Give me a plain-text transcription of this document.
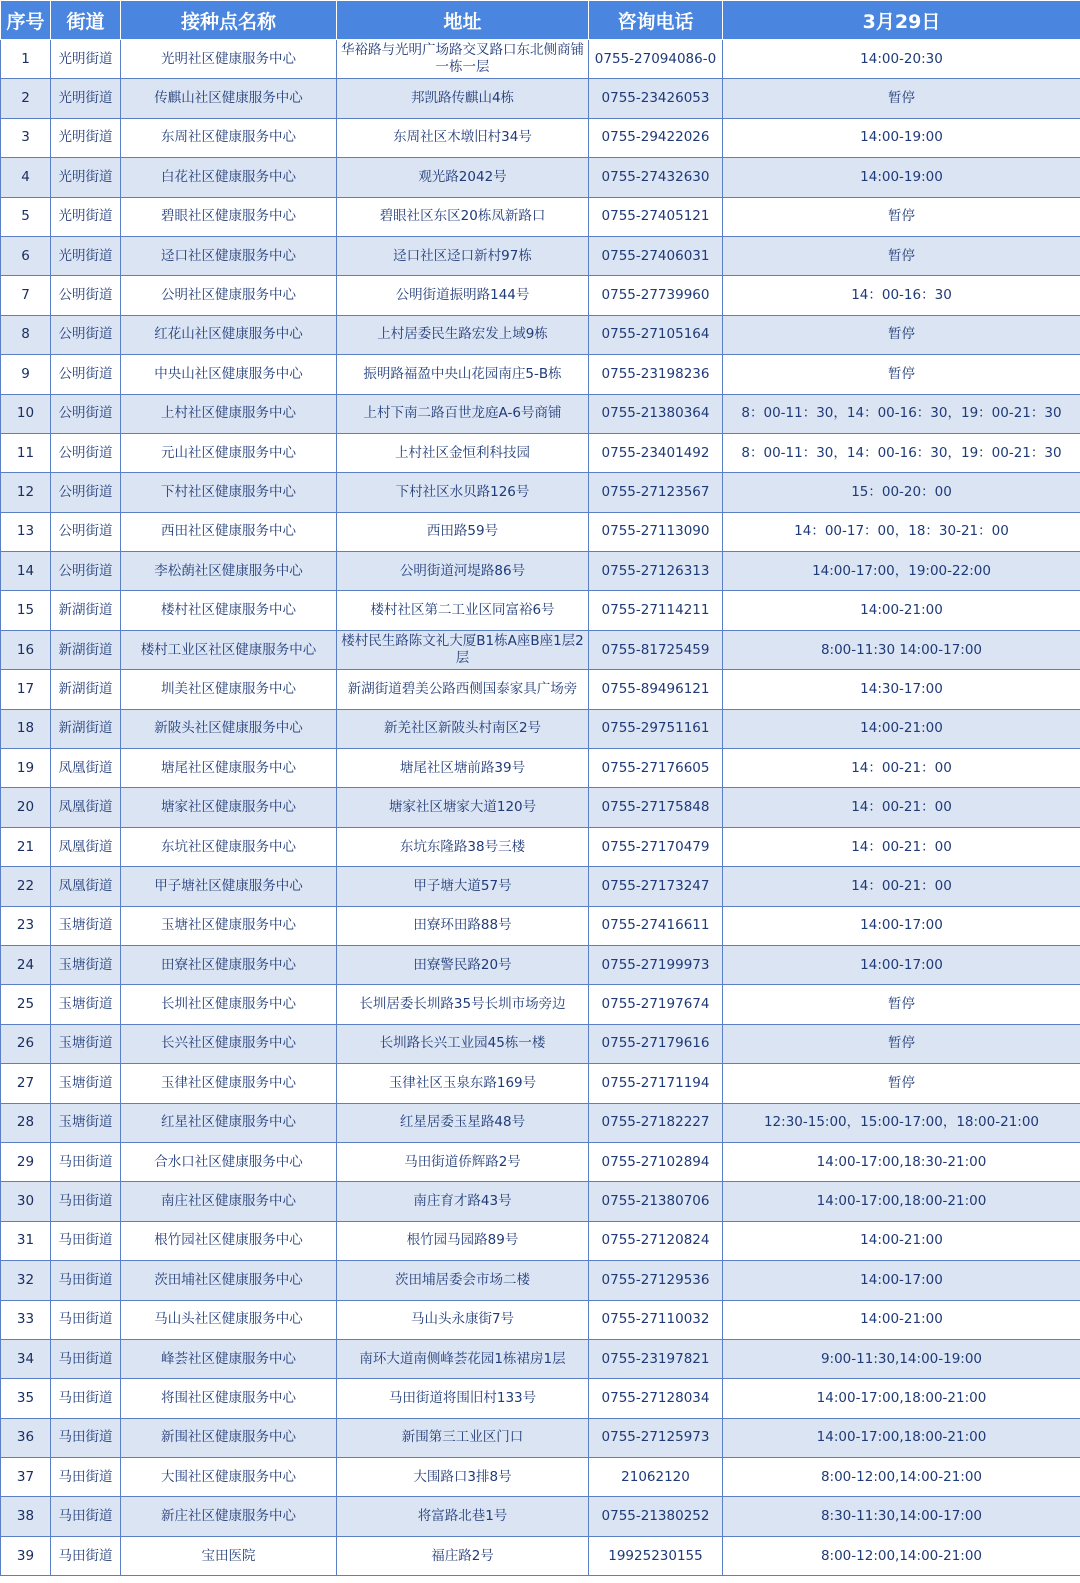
序号	街道	接种点名称	地址	咨询电话	3月29日
1	光明街道	光明社区健康服务中心	华裕路与光明广场路交叉路口东北侧商铺一栋一层	0755-27094086-0	14:00-20:30
2	光明街道	传麒山社区健康服务中心	邦凯路传麒山4栋	0755-23426053	暂停
3	光明街道	东周社区健康服务中心	东周社区木墩旧村34号	0755-29422026	14:00-19:00
4	光明街道	白花社区健康服务中心	观光路2042号	0755-27432630	14:00-19:00
5	光明街道	碧眼社区健康服务中心	碧眼社区东区20栋凤新路口	0755-27405121	暂停
6	光明街道	迳口社区健康服务中心	迳口社区迳口新村97栋	0755-27406031	暂停
7	公明街道	公明社区健康服务中心	公明街道振明路144号	0755-27739960	14：00-16：30
8	公明街道	红花山社区健康服务中心	上村居委民生路宏发上域9栋	0755-27105164	暂停
9	公明街道	中央山社区健康服务中心	振明路福盈中央山花园南庄5-B栋	0755-23198236	暂停
10	公明街道	上村社区健康服务中心	上村下南二路百世龙庭A-6号商铺	0755-21380364	8：00-11：30，14：00-16：30，19：00-21：30
11	公明街道	元山社区健康服务中心	上村社区金恒利科技园	0755-23401492	8：00-11：30，14：00-16：30，19：00-21：30
12	公明街道	下村社区健康服务中心	下村社区水贝路126号	0755-27123567	15：00-20：00
13	公明街道	西田社区健康服务中心	西田路59号	0755-27113090	14：00-17：00，18：30-21：00
14	公明街道	李松蓢社区健康服务中心	公明街道河堤路86号	0755-27126313	14:00-17:00，19:00-22:00
15	新湖街道	楼村社区健康服务中心	楼村社区第二工业区同富裕6号	0755-27114211	14:00-21:00
16	新湖街道	楼村工业区社区健康服务中心	楼村民生路陈文礼大厦B1栋A座B座1层2层	0755-81725459	8:00-11:30 14:00-17:00
17	新湖街道	圳美社区健康服务中心	新湖街道碧美公路西侧国泰家具广场旁	0755-89496121	14:30-17:00
18	新湖街道	新陂头社区健康服务中心	新羌社区新陂头村南区2号	0755-29751161	14:00-21:00
19	凤凰街道	塘尾社区健康服务中心	塘尾社区塘前路39号	0755-27176605	14：00-21：00
20	凤凰街道	塘家社区健康服务中心	塘家社区塘家大道120号	0755-27175848	14：00-21：00
21	凤凰街道	东坑社区健康服务中心	东坑东隆路38号三楼	0755-27170479	14：00-21：00
22	凤凰街道	甲子塘社区健康服务中心	甲子塘大道57号	0755-27173247	14：00-21：00
23	玉塘街道	玉塘社区健康服务中心	田寮环田路88号	0755-27416611	14:00-17:00
24	玉塘街道	田寮社区健康服务中心	田寮警民路20号	0755-27199973	14:00-17:00
25	玉塘街道	长圳社区健康服务中心	长圳居委长圳路35号长圳市场旁边	0755-27197674	暂停
26	玉塘街道	长兴社区健康服务中心	长圳路长兴工业园45栋一楼	0755-27179616	暂停
27	玉塘街道	玉律社区健康服务中心	玉律社区玉泉东路169号	0755-27171194	暂停
28	玉塘街道	红星社区健康服务中心	红星居委玉星路48号	0755-27182227	12:30-15:00，15:00-17:00，18:00-21:00
29	马田街道	合水口社区健康服务中心	马田街道侨辉路2号	0755-27102894	14:00-17:00,18:30-21:00
30	马田街道	南庄社区健康服务中心	南庄育才路43号	0755-21380706	14:00-17:00,18:00-21:00
31	马田街道	根竹园社区健康服务中心	根竹园马园路89号	0755-27120824	14:00-21:00
32	马田街道	茨田埔社区健康服务中心	茨田埔居委会市场二楼	0755-27129536	14:00-17:00
33	马田街道	马山头社区健康服务中心	马山头永康街7号	0755-27110032	14:00-21:00
34	马田街道	峰荟社区健康服务中心	南环大道南侧峰荟花园1栋裙房1层	0755-23197821	9:00-11:30,14:00-19:00
35	马田街道	将围社区健康服务中心	马田街道将围旧村133号	0755-27128034	14:00-17:00,18:00-21:00
36	马田街道	新围社区健康服务中心	新围第三工业区门口	0755-27125973	14:00-17:00,18:00-21:00
37	马田街道	大围社区健康服务中心	大围路口3排8号	21062120	8:00-12:00,14:00-21:00
38	马田街道	新庄社区健康服务中心	将富路北巷1号	0755-21380252	8:30-11:30,14:00-17:00
39	马田街道	宝田医院	福庄路2号	19925230155	8:00-12:00,14:00-21:00
